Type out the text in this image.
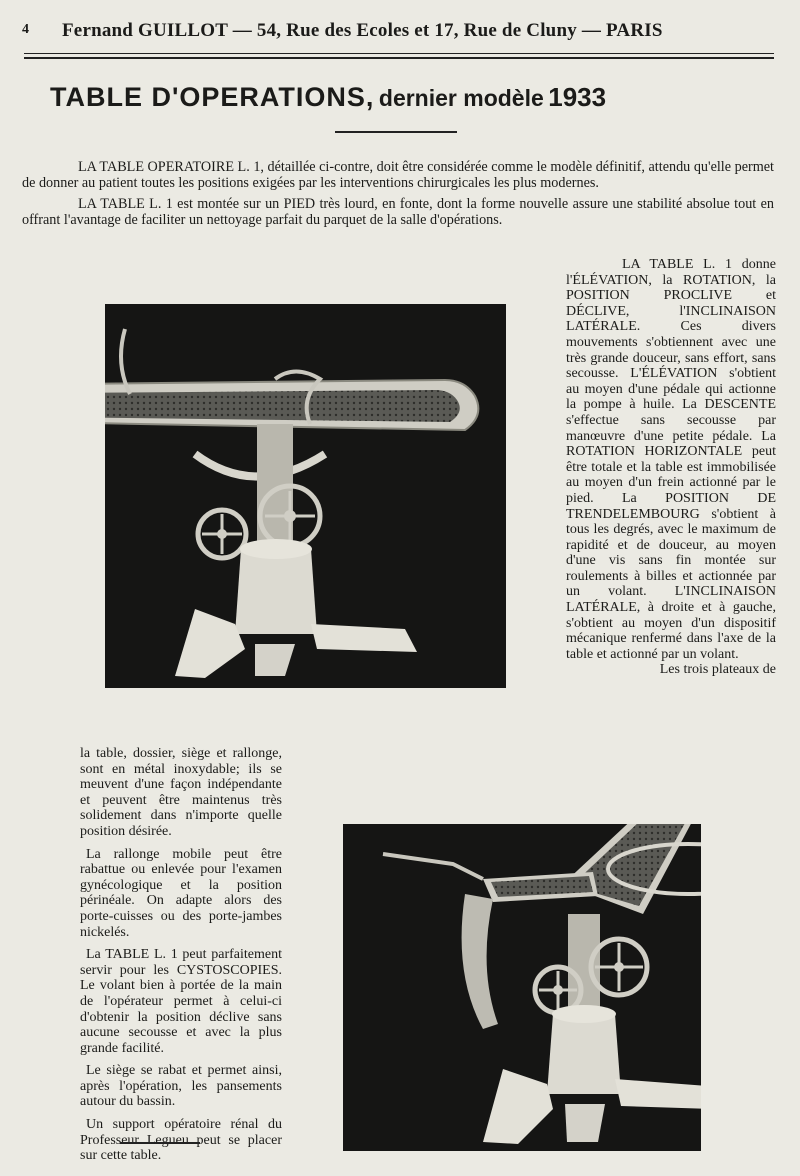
4 Fernand GUILLOT — 54, Rue des Ecoles et 17, Rue de Cluny — PARIS
TABLE D'OPERATIONS, dernier modèle 1933

LA TABLE OPERATOIRE L. 1, détaillée ci-contre, doit être considérée comme le modèle définitif, attendu qu'elle permet de donner au patient toutes les positions exigées par les interventions chirurgicales les plus modernes.

LA TABLE L. 1 est montée sur un PIED très lourd, en fonte, dont la forme nouvelle assure une stabilité absolue tout en offrant l'avantage de faciliter un nettoyage parfait du parquet de la salle d'opérations.

LA TABLE L. 1 donne l'ÉLÉVATION, la ROTATION, la POSITION PROCLIVE et DÉCLIVE, l'INCLINAISON LATÉRALE. Ces divers mouvements s'obtiennent avec une très grande douceur, sans effort, sans secousse. L'ÉLÉVATION s'obtient au moyen d'une pédale qui actionne la pompe à huile. La DESCENTE s'effectue sans secousse par manœuvre d'une petite pédale. La ROTATION HORIZONTALE peut être totale et la table est immobilisée au moyen d'un frein actionné par le pied. La POSITION DE TRENDELEMBOURG s'obtient à tous les degrés, avec le maximum de rapidité et de douceur, au moyen d'une vis sans fin montée sur roulements à billes et actionnée par un volant. L'INCLINAISON LATÉRALE, à droite et à gauche, s'obtient au moyen d'un dispositif mécanique renfermé dans l'axe de la table et actionné par un volant.

Les trois plateaux de

la table, dossier, siège et rallonge, sont en métal inoxydable; ils se meuvent d'une façon indépendante et peuvent être maintenus très solidement dans n'importe quelle position désirée.

La rallonge mobile peut être rabattue ou enlevée pour l'examen gynécologique et la position périnéale. On adapte alors des porte-cuisses ou des porte-jambes nickelés.

La TABLE L. 1 peut parfaitement servir pour les CYSTOSCOPIES. Le volant bien à portée de la main de l'opérateur permet à celui-ci d'obtenir la position déclive sans aucune secousse et avec la plus grande facilité.

Le siège se rabat et permet ainsi, après l'opération, les pansements autour du bassin.

Un support opératoire rénal du Professeur Legueu peut se placer sur cette table.
